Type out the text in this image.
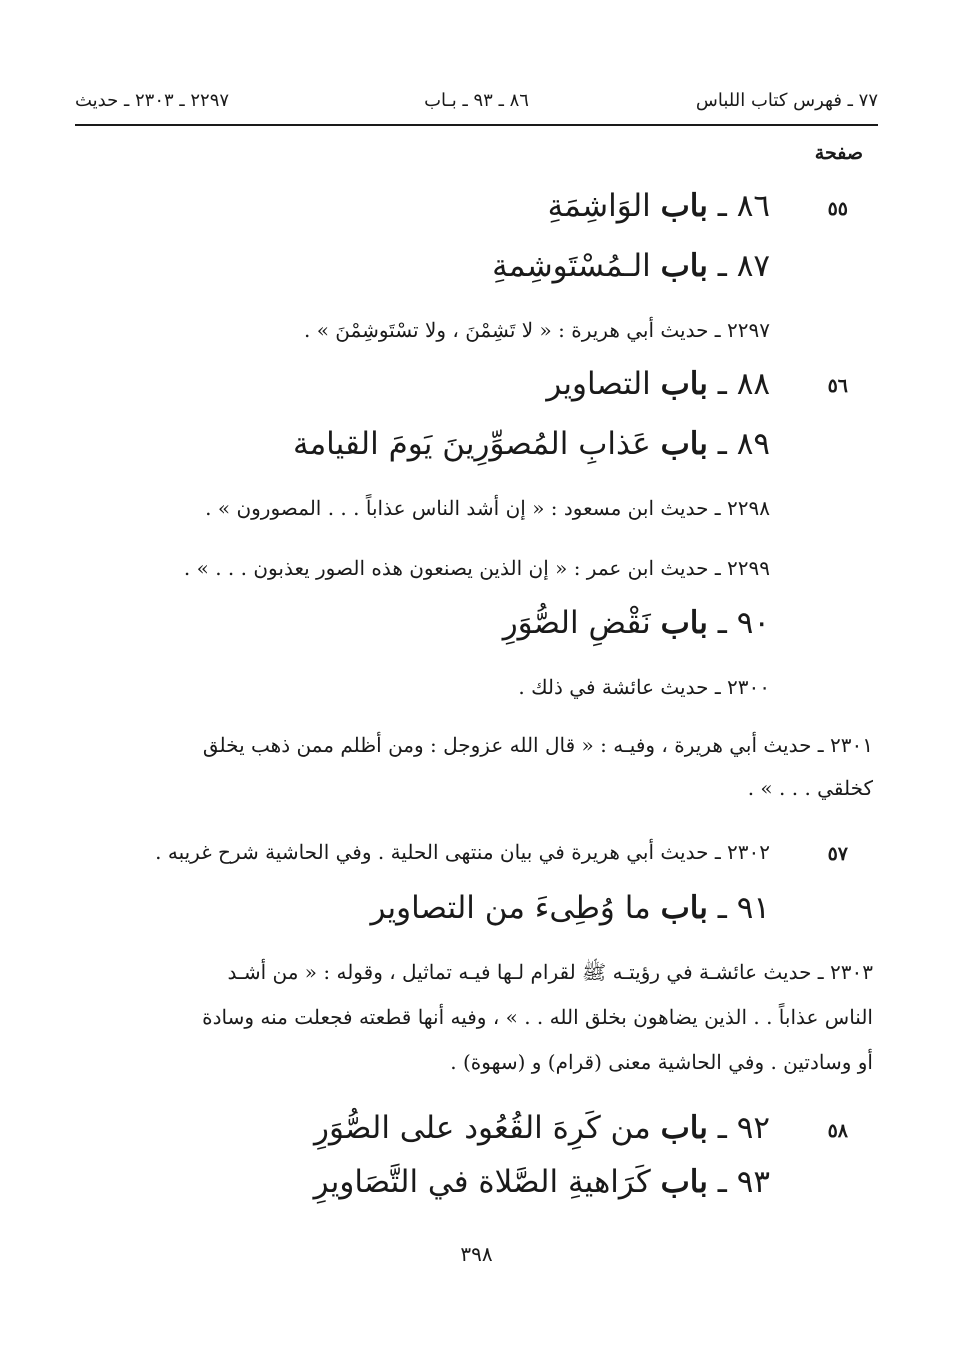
٧٧ ـ فهرس كتاب اللباس
٨٦ ـ ٩٣ ـ بـاب
٢٢٩٧ ـ ٢٣٠٣ ـ حديث
صفحة
٥٥
٨٦ ـ باب الوَاشِمَةِ
٨٧ ـ باب الـمُسْتَوشِمةِ
٢٢٩٧ ـ حديث أبي هريرة : « لا تَشِمْنَ ، ولا تسْتَوشِمْنَ » .
٥٦
٨٨ ـ باب التصاوير
٨٩ ـ باب عَذابِ المُصوِّرِينَ يَومَ القيامة
٢٢٩٨ ـ حديث ابن مسعود : « إن أشد الناس عذاباً . . . المصورون » .
٢٢٩٩ ـ حديث ابن عمر : « إن الذين يصنعون هذه الصور يعذبون . . . » .
٩٠ ـ باب نَقْضِ الصُّوَرِ
٢٣٠٠ ـ حديث عائشة في ذلك .
٢٣٠١ ـ حديث أبي هريرة ، وفيـه : « قال الله عزوجل : ومن أظلم ممن ذهب يخلق
كخلقي . . . » .
٥٧
٢٣٠٢ ـ حديث أبي هريرة في بيان منتهى الحلية . وفي الحاشية شرح غريبه .
٩١ ـ باب ما وُطِىءَ من التصاوير
٢٣٠٣ ـ حديث عائشـة في رؤيتـه ﷺ لقرام لـها فيـه تماثيل ، وقوله : « من أشـد
الناس عذاباً . . الذين يضاهون بخلق الله . . » ، وفيه أنها قطعته فجعلت منه وسادة
أو وسادتين . وفي الحاشية معنى (قرام) و (سهوة) .
٥٨
٩٢ ـ باب من كَرِهَ القُعُود على الصُّوَرِ
٩٣ ـ باب كَرَاهيةِ الصَّلاة في التَّصَاويرِ
٣٩٨
